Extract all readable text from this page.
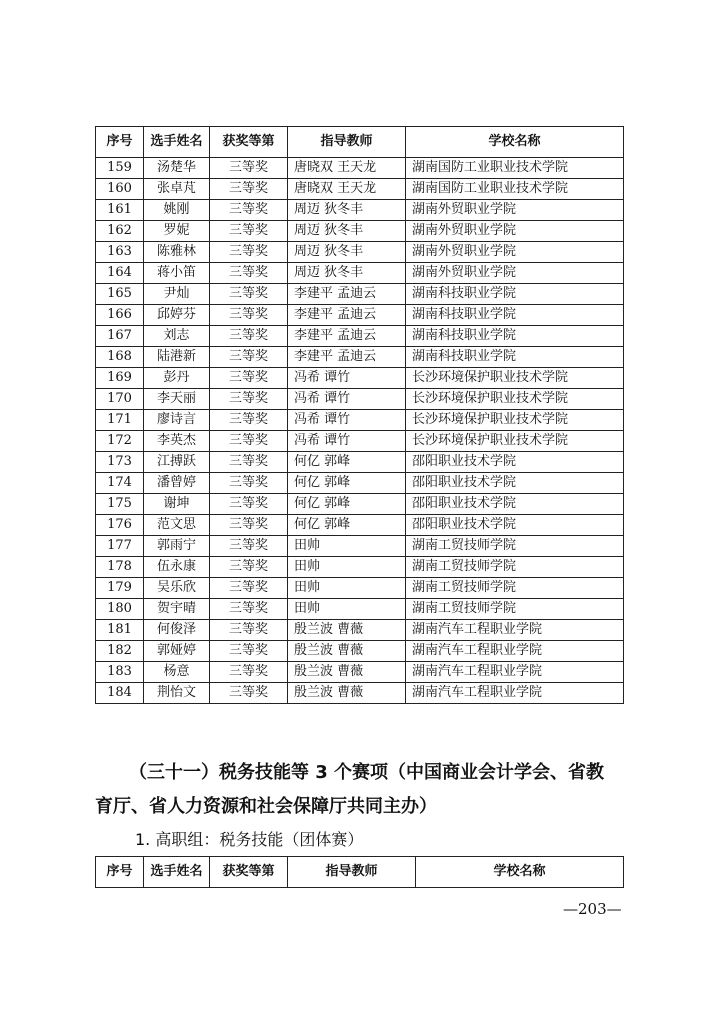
序号	选手姓名	获奖等第	指导教师	学校名称
159	汤楚华	三等奖	唐晓双 王天龙	湖南国防工业职业技术学院
160	张卓芃	三等奖	唐晓双 王天龙	湖南国防工业职业技术学院
161	姚刚	三等奖	周迈 狄冬丰	湖南外贸职业学院
162	罗妮	三等奖	周迈 狄冬丰	湖南外贸职业学院
163	陈雅林	三等奖	周迈 狄冬丰	湖南外贸职业学院
164	蒋小笛	三等奖	周迈 狄冬丰	湖南外贸职业学院
165	尹灿	三等奖	李建平 孟迪云	湖南科技职业学院
166	邱婷芬	三等奖	李建平 孟迪云	湖南科技职业学院
167	刘志	三等奖	李建平 孟迪云	湖南科技职业学院
168	陆港新	三等奖	李建平 孟迪云	湖南科技职业学院
169	彭丹	三等奖	冯希 谭竹	长沙环境保护职业技术学院
170	李天丽	三等奖	冯希 谭竹	长沙环境保护职业技术学院
171	廖诗言	三等奖	冯希 谭竹	长沙环境保护职业技术学院
172	李英杰	三等奖	冯希 谭竹	长沙环境保护职业技术学院
173	江搏跃	三等奖	何亿 郭峰	邵阳职业技术学院
174	潘曾婷	三等奖	何亿 郭峰	邵阳职业技术学院
175	谢坤	三等奖	何亿 郭峰	邵阳职业技术学院
176	范文思	三等奖	何亿 郭峰	邵阳职业技术学院
177	郭雨宁	三等奖	田帅	湖南工贸技师学院
178	伍永康	三等奖	田帅	湖南工贸技师学院
179	吴乐欣	三等奖	田帅	湖南工贸技师学院
180	贺宇晴	三等奖	田帅	湖南工贸技师学院
181	何俊泽	三等奖	殷兰波 曹薇	湖南汽车工程职业学院
182	郭娅婷	三等奖	殷兰波 曹薇	湖南汽车工程职业学院
183	杨意	三等奖	殷兰波 曹薇	湖南汽车工程职业学院
184	荆怡文	三等奖	殷兰波 曹薇	湖南汽车工程职业学院
（三十一）税务技能等 3 个赛项（中国商业会计学会、省教
育厅、省人力资源和社会保障厅共同主办）
1. 高职组：税务技能（团体赛）
序号	选手姓名	获奖等第	指导教师	学校名称
—203—
